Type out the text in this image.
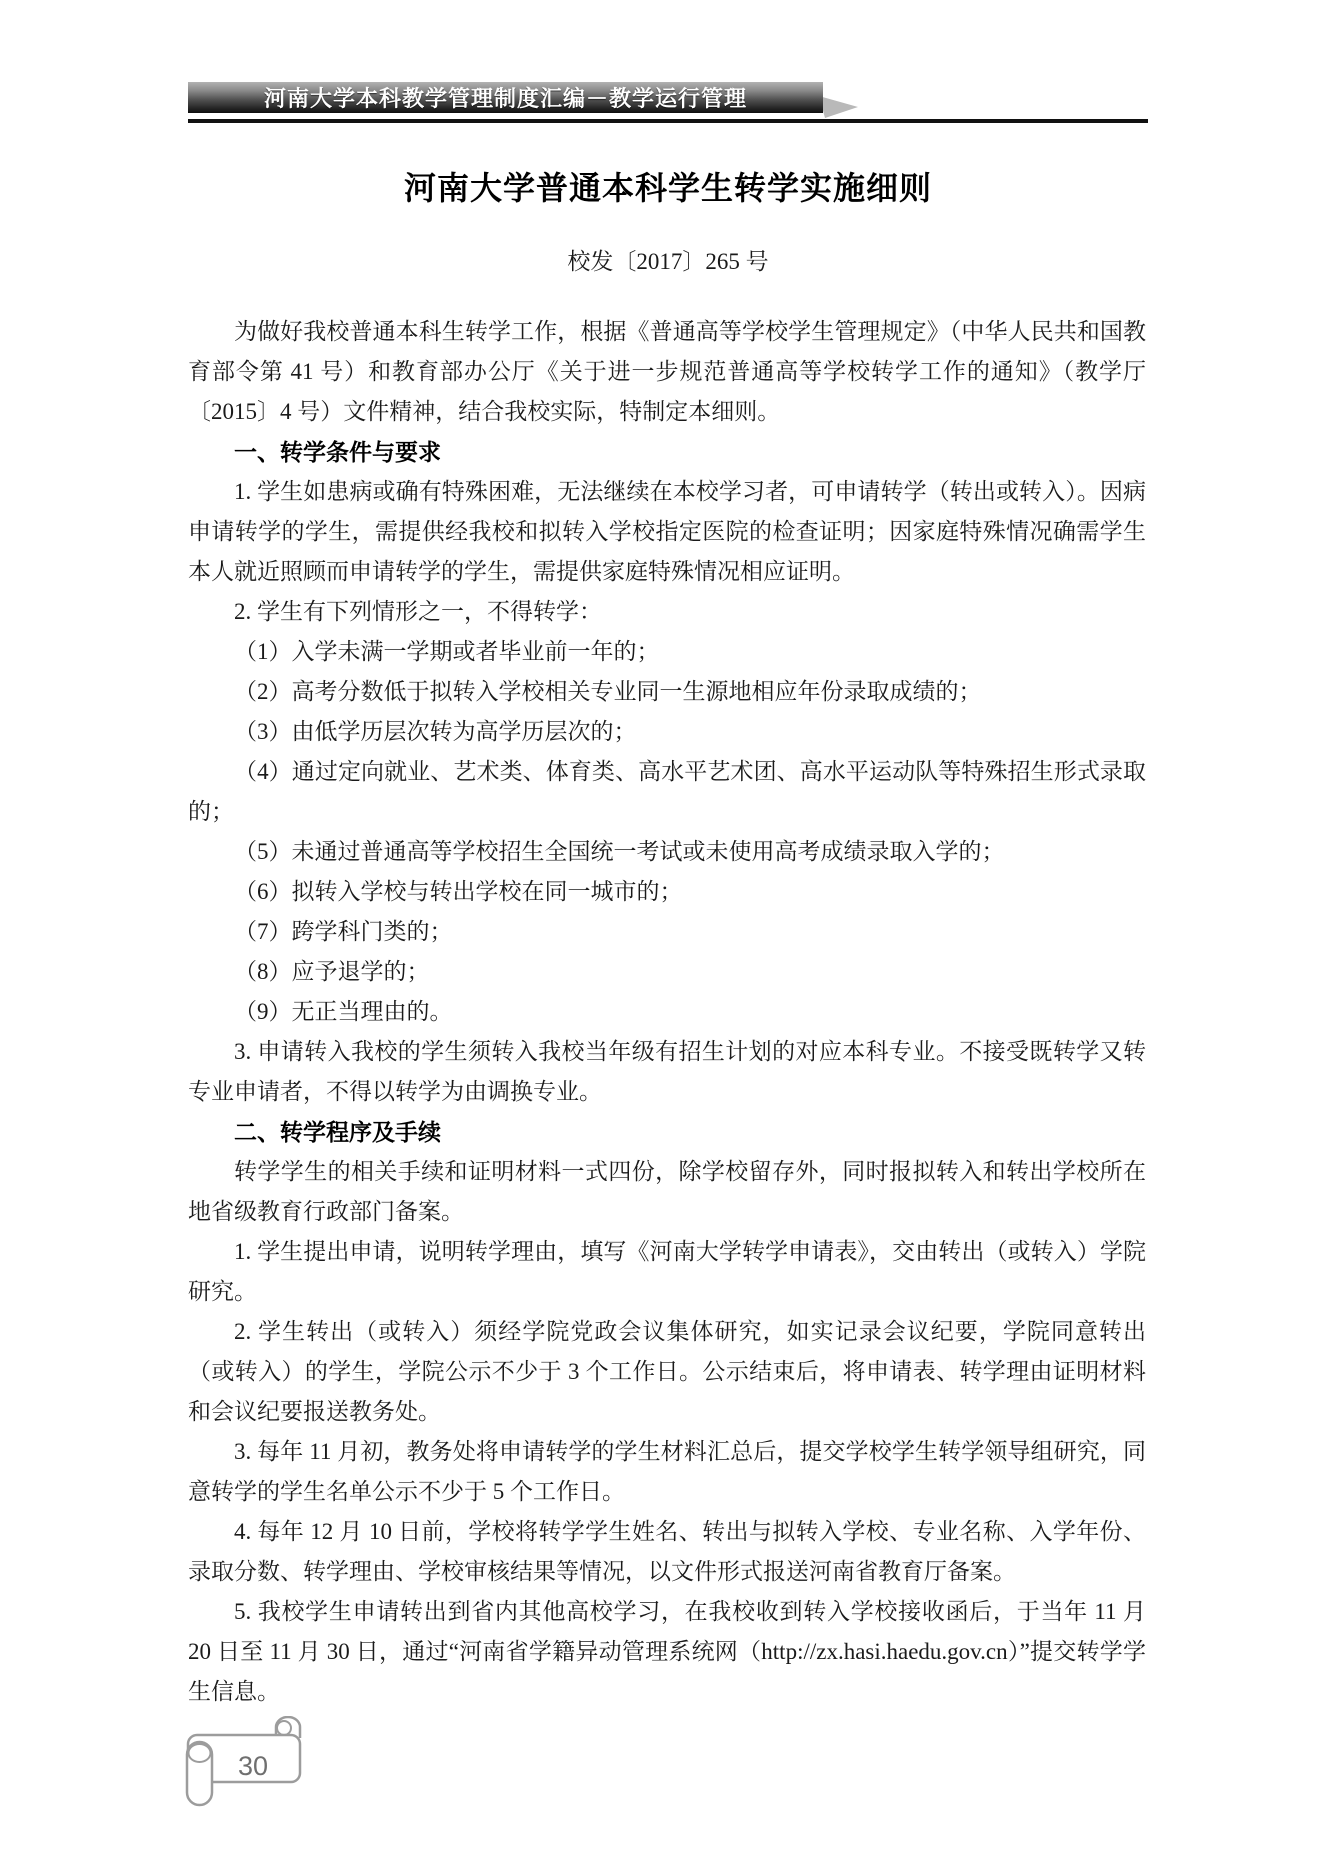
河南大学本科教学管理制度汇编－教学运行管理
河南大学普通本科学生转学实施细则
校发〔2017〕265 号

为做好我校普通本科生转学工作，根据《普通高等学校学生管理规定》（中华人民共和国教育部令第 41 号）和教育部办公厅《关于进一步规范普通高等学校转学工作的通知》（教学厅〔2015〕4 号）文件精神，结合我校实际，特制定本细则。

一、转学条件与要求

1. 学生如患病或确有特殊困难，无法继续在本校学习者，可申请转学（转出或转入）。因病申请转学的学生，需提供经我校和拟转入学校指定医院的检查证明；因家庭特殊情况确需学生本人就近照顾而申请转学的学生，需提供家庭特殊情况相应证明。

2. 学生有下列情形之一，不得转学：

（1）入学未满一学期或者毕业前一年的；

（2）高考分数低于拟转入学校相关专业同一生源地相应年份录取成绩的；

（3）由低学历层次转为高学历层次的；

（4）通过定向就业、艺术类、体育类、高水平艺术团、高水平运动队等特殊招生形式录取的；

（5）未通过普通高等学校招生全国统一考试或未使用高考成绩录取入学的；

（6）拟转入学校与转出学校在同一城市的；

（7）跨学科门类的；

（8）应予退学的；

（9）无正当理由的。

3. 申请转入我校的学生须转入我校当年级有招生计划的对应本科专业。不接受既转学又转专业申请者，不得以转学为由调换专业。

二、转学程序及手续

转学学生的相关手续和证明材料一式四份，除学校留存外，同时报拟转入和转出学校所在地省级教育行政部门备案。

1. 学生提出申请，说明转学理由，填写《河南大学转学申请表》，交由转出（或转入）学院研究。

2. 学生转出（或转入）须经学院党政会议集体研究，如实记录会议纪要，学院同意转出（或转入）的学生，学院公示不少于 3 个工作日。公示结束后，将申请表、转学理由证明材料和会议纪要报送教务处。

3. 每年 11 月初，教务处将申请转学的学生材料汇总后，提交学校学生转学领导组研究，同意转学的学生名单公示不少于 5 个工作日。

4. 每年 12 月 10 日前，学校将转学学生姓名、转出与拟转入学校、专业名称、入学年份、录取分数、转学理由、学校审核结果等情况，以文件形式报送河南省教育厅备案。

5. 我校学生申请转出到省内其他高校学习，在我校收到转入学校接收函后，于当年 11 月 20 日至 11 月 30 日，通过“河南省学籍异动管理系统网（http://zx.hasi.haedu.gov.cn）”提交转学学生信息。

30
